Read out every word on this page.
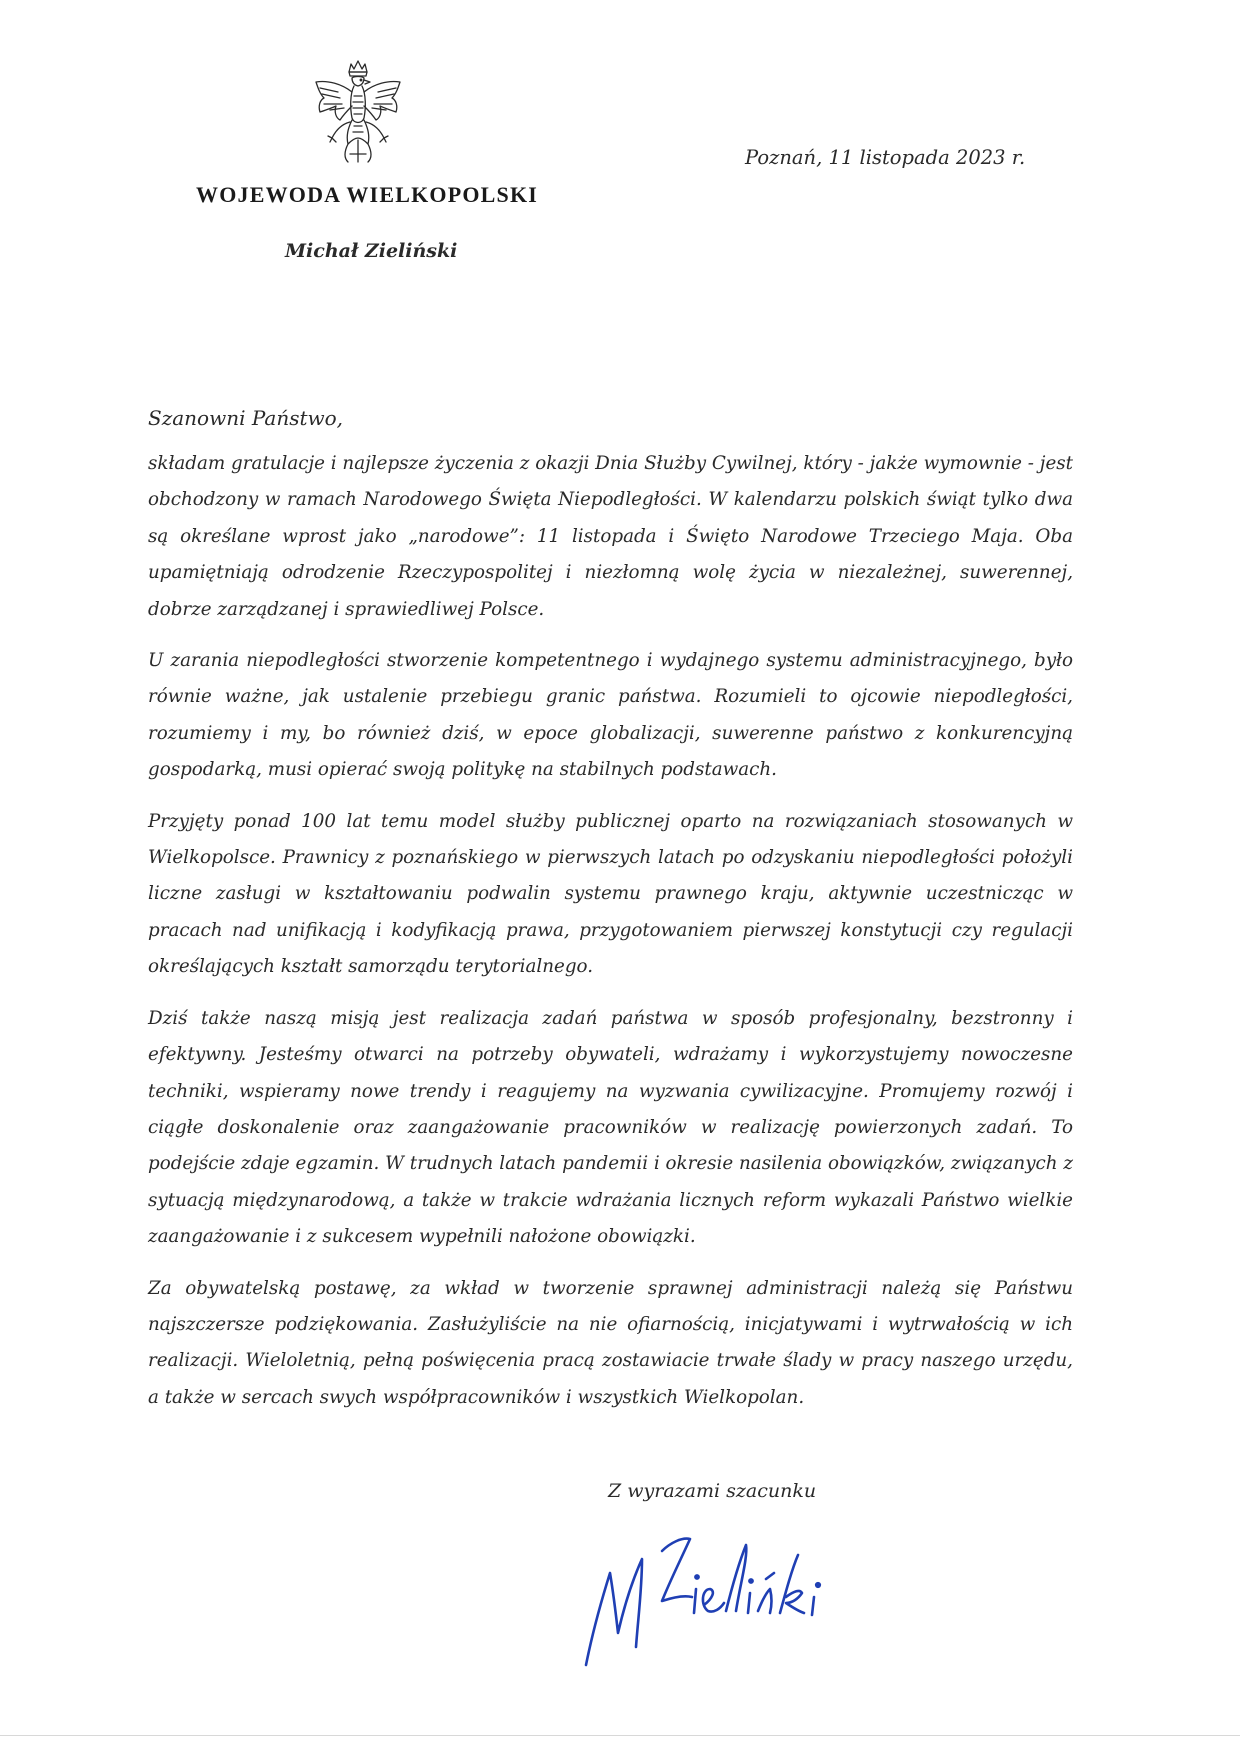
WOJEWODA WIELKOPOLSKI
Michał Zieliński
Poznań, 11 listopada 2023 r.

Szanowni Państwo,

składam gratulacje i najlepsze życzenia z okazji Dnia Służby Cywilnej, który - jakże wymownie - jest obchodzony w ramach Narodowego Święta Niepodległości. W kalendarzu polskich świąt tylko dwa są określane wprost jako „narodowe”: 11 listopada i Święto Narodowe Trzeciego Maja. Oba upamiętniają odrodzenie Rzeczypospolitej i niezłomną wolę życia w niezależnej, suwerennej, dobrze zarządzanej i sprawiedliwej Polsce.

U zarania niepodległości stworzenie kompetentnego i wydajnego systemu administracyjnego, było równie ważne, jak ustalenie przebiegu granic państwa. Rozumieli to ojcowie niepodległości, rozumiemy i my, bo również dziś, w epoce globalizacji, suwerenne państwo z konkurencyjną gospodarką, musi opierać swoją politykę na stabilnych podstawach.

Przyjęty ponad 100 lat temu model służby publicznej oparto na rozwiązaniach stosowanych w Wielkopolsce. Prawnicy z poznańskiego w pierwszych latach po odzyskaniu niepodległości położyli liczne zasługi w kształtowaniu podwalin systemu prawnego kraju, aktywnie uczestnicząc w pracach nad unifikacją i kodyfikacją prawa, przygotowaniem pierwszej konstytucji czy regulacji określających kształt samorządu terytorialnego.

Dziś także naszą misją jest realizacja zadań państwa w sposób profesjonalny, bezstronny i efektywny. Jesteśmy otwarci na potrzeby obywateli, wdrażamy i wykorzystujemy nowoczesne techniki, wspieramy nowe trendy i reagujemy na wyzwania cywilizacyjne. Promujemy rozwój i ciągłe doskonalenie oraz zaangażowanie pracowników w realizację powierzonych zadań. To podejście zdaje egzamin. W trudnych latach pandemii i okresie nasilenia obowiązków, związanych z sytuacją międzynarodową, a także w trakcie wdrażania licznych reform wykazali Państwo wielkie zaangażowanie i z sukcesem wypełnili nałożone obowiązki.

Za obywatelską postawę, za wkład w tworzenie sprawnej administracji należą się Państwu najszczersze podziękowania. Zasłużyliście na nie ofiarnością, inicjatywami i wytrwałością w ich realizacji. Wieloletnią, pełną poświęcenia pracą zostawiacie trwałe ślady w pracy naszego urzędu, a także w sercach swych współpracowników i wszystkich Wielkopolan.

Z wyrazami szacunku
